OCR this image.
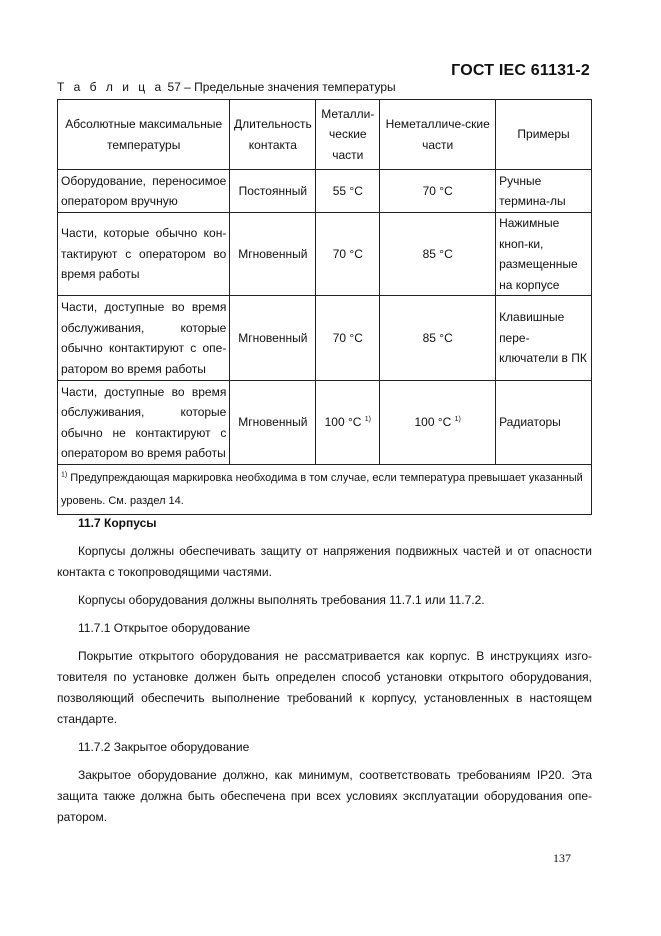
ГОСТ IEC 61131-2
Т а б л и ц а 57 – Предельные значения температуры
Абсолютные максимальные температуры	Длительность контакта	Металли-ческие части	Неметалличе-ские части	Примеры
Оборудование, переносимое оператором вручную	Постоянный	55 °С	70 °С	Ручные термина-лы
Части, которые обычно кон-тактируют с оператором во время работы	Мгновенный	70 °С	85 °С	Нажимные кноп-ки, размещенные на корпусе
Части, доступные во время обслуживания, которые обычно контактируют с опе-ратором во время работы	Мгновенный	70 °С	85 °С	Клавишные пере-ключатели в ПК
Части, доступные во время обслуживания, которые обычно не контактируют с оператором во время работы	Мгновенный	100 °С $^{1)}$	100 °С $^{1)}$	Радиаторы
$^{1)}$ Предупреждающая маркировка необходима в том случае, если температура превышает указанный уровень. См. раздел 14.				

11.7 Корпусы

Корпусы должны обеспечивать защиту от напряжения подвижных частей и от опасности контакта с токопроводящими частями.

Корпусы оборудования должны выполнять требования 11.7.1 или 11.7.2.

11.7.1 Открытое оборудование

Покрытие открытого оборудования не рассматривается как корпус. В инструкциях изго-товителя по установке должен быть определен способ установки открытого оборудования, позволяющий обеспечить выполнение требований к корпусу, установленных в настоящем стандарте.

11.7.2 Закрытое оборудование

Закрытое оборудование должно, как минимум, соответствовать требованиям IP20. Эта защита также должна быть обеспечена при всех условиях эксплуатации оборудования опе-ратором.

137
